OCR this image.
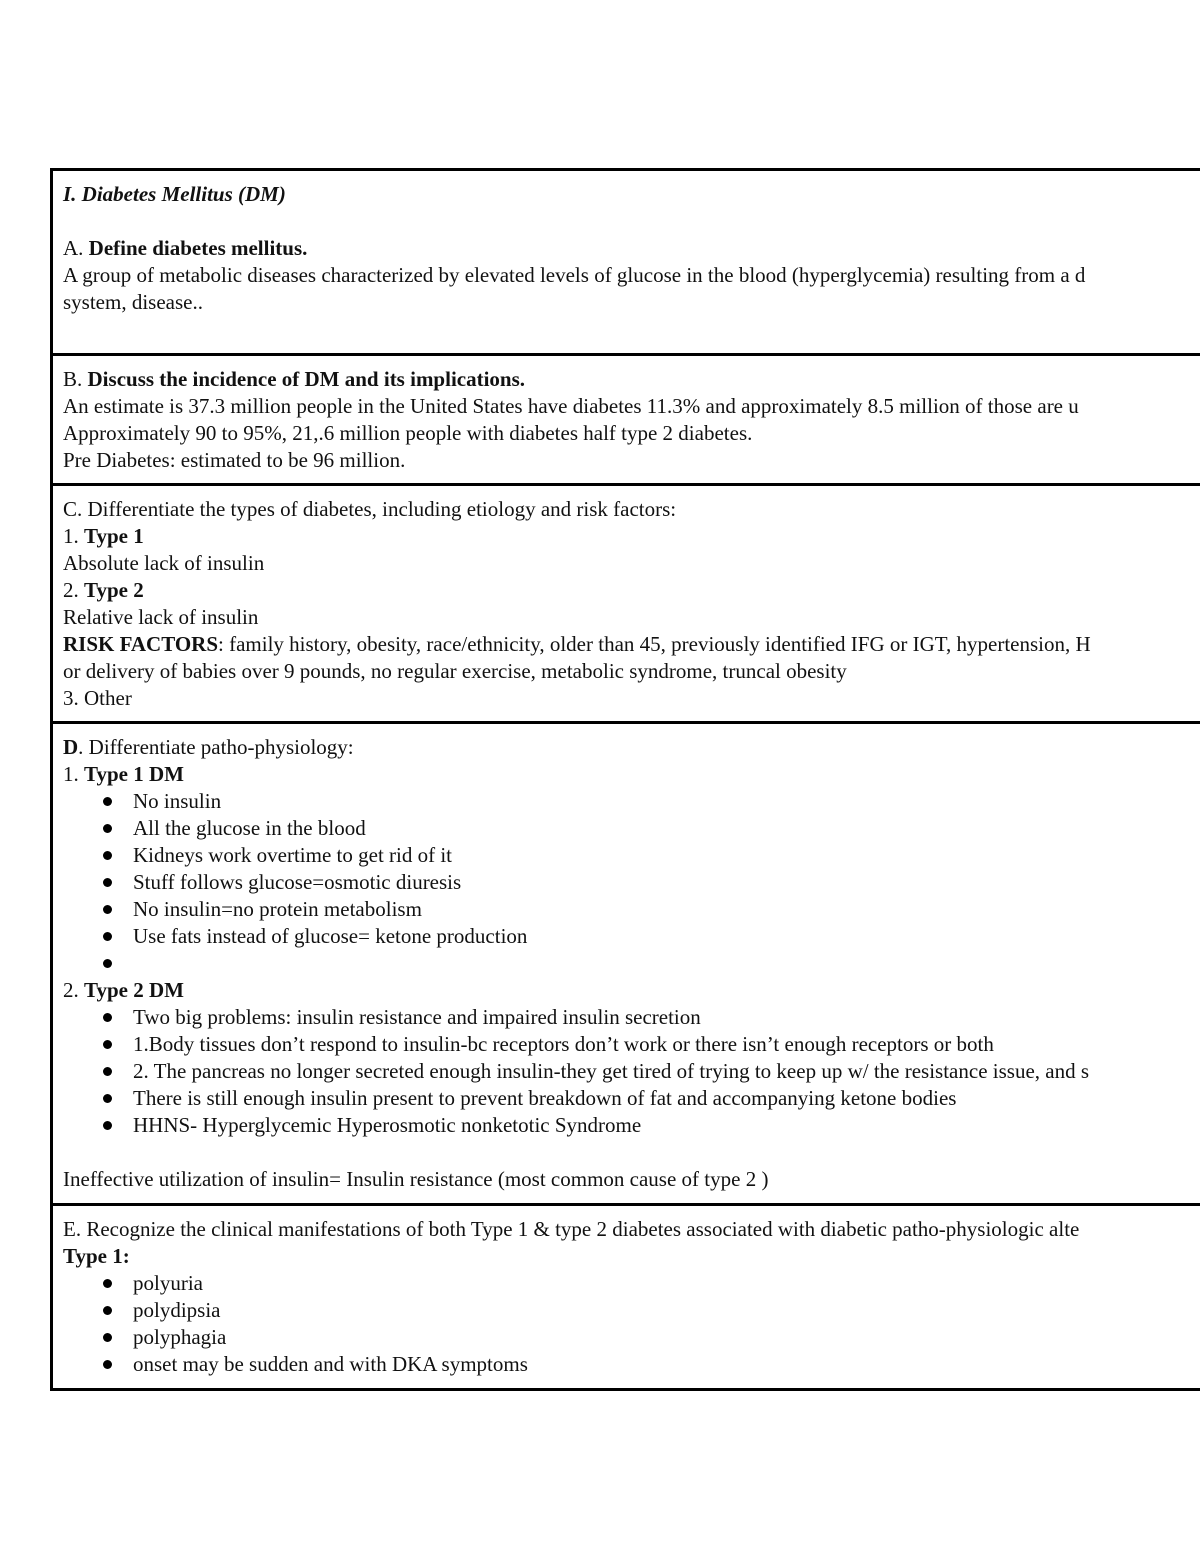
I. Diabetes Mellitus (DM)
A. Define diabetes mellitus.
A group of metabolic diseases characterized by elevated levels of glucose in the blood (hyperglycemia) resulting from a d
system, disease..
B. Discuss the incidence of DM and its implications.
An estimate is 37.3 million people in the United States have diabetes 11.3% and approximately 8.5 million of those are u
Approximately 90 to 95%, 21,.6 million people with diabetes half type 2 diabetes.
Pre Diabetes: estimated to be 96 million.
C. Differentiate the types of diabetes, including etiology and risk factors:
1. Type 1
Absolute lack of insulin
2. Type 2
Relative lack of insulin
RISK FACTORS: family history, obesity, race/ethnicity, older than 45, previously identified IFG or IGT, hypertension, H
or delivery of babies over 9 pounds, no regular exercise, metabolic syndrome, truncal obesity
3. Other
D. Differentiate patho-physiology:
1. Type 1 DM
No insulin
All the glucose in the blood
Kidneys work overtime to get rid of it
Stuff follows glucose=osmotic diuresis
No insulin=no protein metabolism
Use fats instead of glucose= ketone production
2. Type 2 DM
Two big problems: insulin resistance and impaired insulin secretion
1.Body tissues don’t respond to insulin-bc receptors don’t work or there isn’t enough receptors or both
2. The pancreas no longer secreted enough insulin-they get tired of trying to keep up w/ the resistance issue, and s
There is still enough insulin present to prevent breakdown of fat and accompanying ketone bodies
HHNS- Hyperglycemic Hyperosmotic nonketotic Syndrome
Ineffective utilization of insulin= Insulin resistance (most common cause of type 2 )
E. Recognize the clinical manifestations of both Type 1 & type 2 diabetes associated with diabetic patho-physiologic alte
Type 1:
polyuria
polydipsia
polyphagia
onset may be sudden and with DKA symptoms
